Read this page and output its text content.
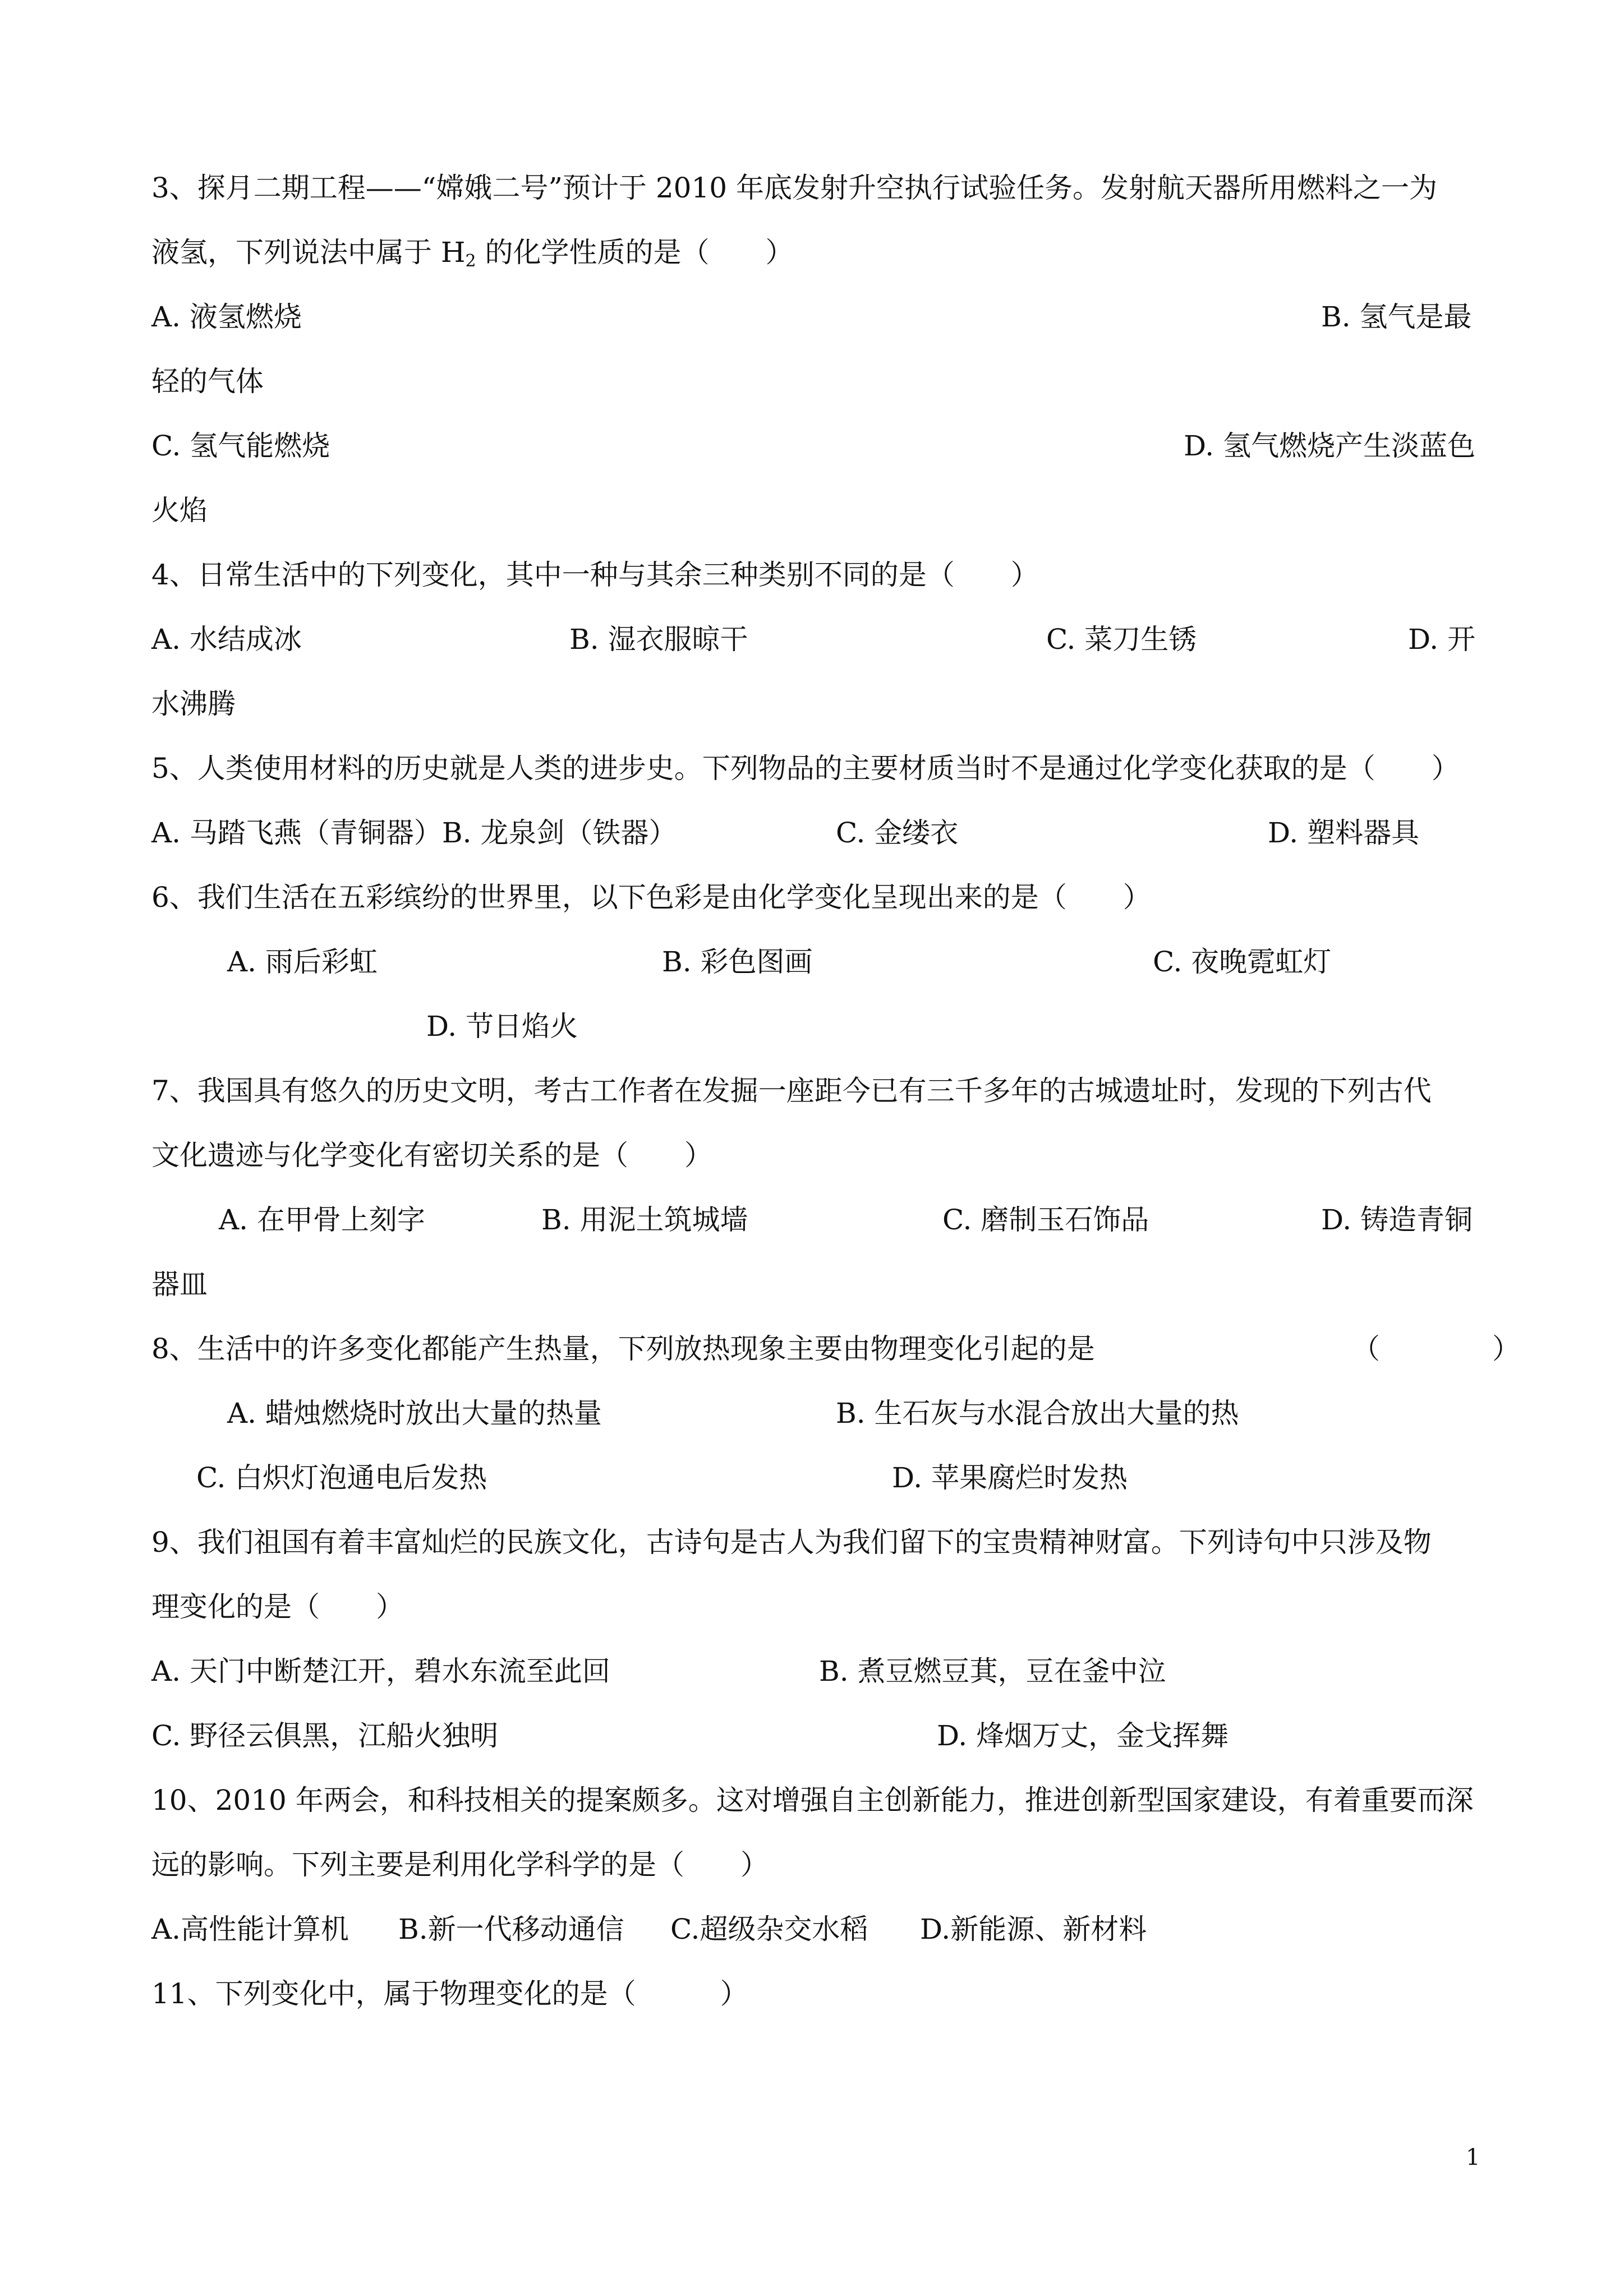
3、探月二期工程——“嫦娥二号”预计于 2010 年底发射升空执行试验任务。发射航天器所用燃料之一为
液氢，下列说法中属于 $H_2$ 的化学性质的是（　　）
A. 液氢燃烧	B. 氢气是最
轻的气体
C. 氢气能燃烧	D. 氢气燃烧产生淡蓝色
火焰
4、日常生活中的下列变化，其中一种与其余三种类别不同的是（　　）
A. 水结成冰	B. 湿衣服晾干	C. 菜刀生锈	D. 开
水沸腾
5、人类使用材料的历史就是人类的进步史。下列物品的主要材质当时不是通过化学变化获取的是（　　）
A. 马踏飞燕（青铜器）B. 龙泉剑（铁器）	C. 金缕衣	D. 塑料器具
6、我们生活在五彩缤纷的世界里，以下色彩是由化学变化呈现出来的是（　　）
A. 雨后彩虹	B. 彩色图画	C. 夜晚霓虹灯
D. 节日焰火
7、我国具有悠久的历史文明，考古工作者在发掘一座距今已有三千多年的古城遗址时，发现的下列古代
文化遗迹与化学变化有密切关系的是（　　）
A. 在甲骨上刻字	B. 用泥土筑城墙	C. 磨制玉石饰品	D. 铸造青铜
器皿
8、生活中的许多变化都能产生热量，下列放热现象主要由物理变化引起的是	（　　　　）
A. 蜡烛燃烧时放出大量的热量	B. 生石灰与水混合放出大量的热
C. 白炽灯泡通电后发热	D. 苹果腐烂时发热
9、我们祖国有着丰富灿烂的民族文化，古诗句是古人为我们留下的宝贵精神财富。下列诗句中只涉及物
理变化的是（　　）
A. 天门中断楚江开，碧水东流至此回	B. 煮豆燃豆萁，豆在釜中泣
C. 野径云俱黑，江船火独明	D. 烽烟万丈，金戈挥舞
10、2010 年两会，和科技相关的提案颇多。这对增强自主创新能力，推进创新型国家建设，有着重要而深
远的影响。下列主要是利用化学科学的是（　　）
A.高性能计算机 B.新一代移动通信 C.超级杂交水稻 D.新能源、新材料
11、下列变化中，属于物理变化的是（　　　）
1
